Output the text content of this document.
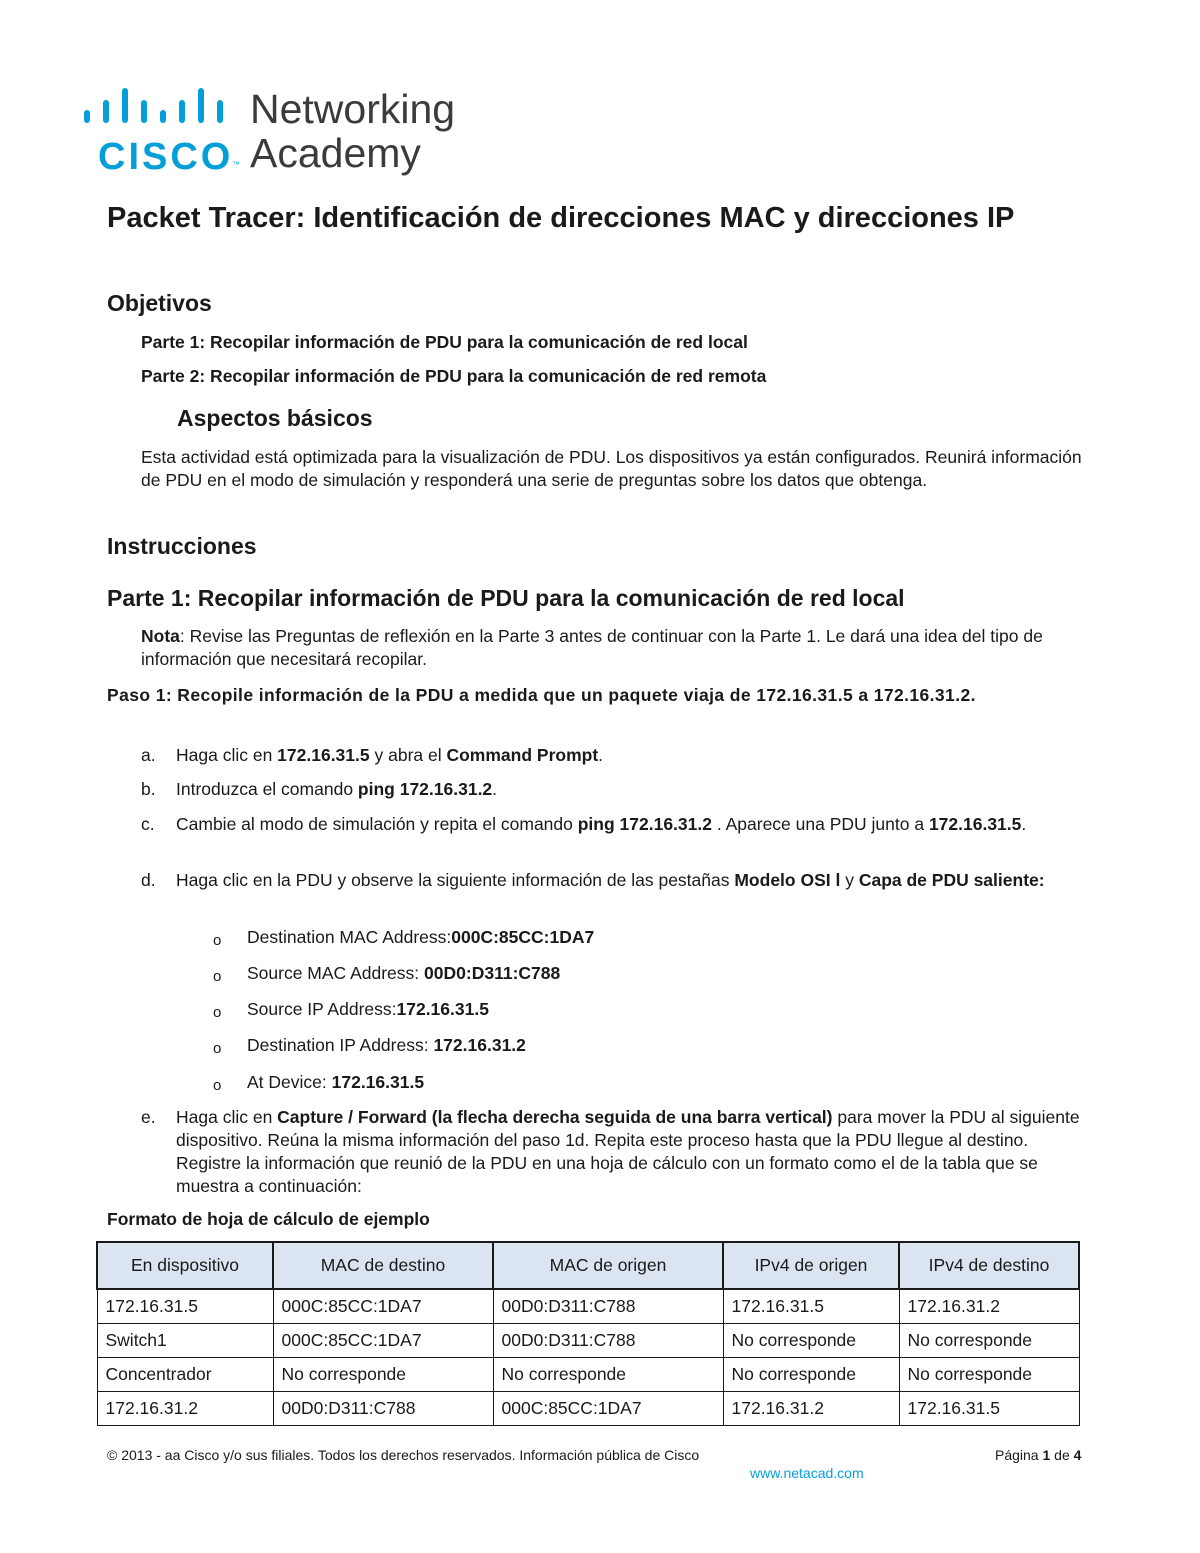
CISCO
™
Networking
Academy
Packet Tracer: Identificación de direcciones MAC y direcciones IP
Objetivos
Parte 1: Recopilar información de PDU para la comunicación de red local
Parte 2: Recopilar información de PDU para la comunicación de red remota
Aspectos básicos
Esta actividad está optimizada para la visualización de PDU. Los dispositivos ya están configurados. Reunirá información de PDU en el modo de simulación y responderá una serie de preguntas sobre los datos que obtenga.
Instrucciones
Parte 1: Recopilar información de PDU para la comunicación de red local
Nota: Revise las Preguntas de reflexión en la Parte 3 antes de continuar con la Parte 1. Le dará una idea del tipo de información que necesitará recopilar.
Paso 1: Recopile información de la PDU a medida que un paquete viaja de 172.16.31.5 a 172.16.31.2.
a. Haga clic en 172.16.31.5 y abra el Command Prompt.
b. Introduzca el comando ping 172.16.31.2.
c. Cambie al modo de simulación y repita el comando ping 172.16.31.2 . Aparece una PDU junto a 172.16.31.5.
d. Haga clic en la PDU y observe la siguiente información de las pestañas Modelo OSI l y Capa de PDU saliente:
o Destination MAC Address:000C:85CC:1DA7
o Source MAC Address: 00D0:D311:C788
o Source IP Address:172.16.31.5
o Destination IP Address: 172.16.31.2
o At Device: 172.16.31.5
e. Haga clic en Capture / Forward (la flecha derecha seguida de una barra vertical) para mover la PDU al siguiente dispositivo. Reúna la misma información del paso 1d. Repita este proceso hasta que la PDU llegue al destino. Registre la información que reunió de la PDU en una hoja de cálculo con un formato como el de la tabla que se muestra a continuación:
Formato de hoja de cálculo de ejemplo
En dispositivo	MAC de destino	MAC de origen	IPv4 de origen	IPv4 de destino
172.16.31.5	000C:85CC:1DA7	00D0:D311:C788	172.16.31.5	172.16.31.2
Switch1	000C:85CC:1DA7	00D0:D311:C788	No corresponde	No corresponde
Concentrador	No corresponde	No corresponde	No corresponde	No corresponde
172.16.31.2	00D0:D311:C788	000C:85CC:1DA7	172.16.31.2	172.16.31.5
© 2013 - aa Cisco y/o sus filiales. Todos los derechos reservados. Información pública de Cisco	Página 1 de 4
www.netacad.com
